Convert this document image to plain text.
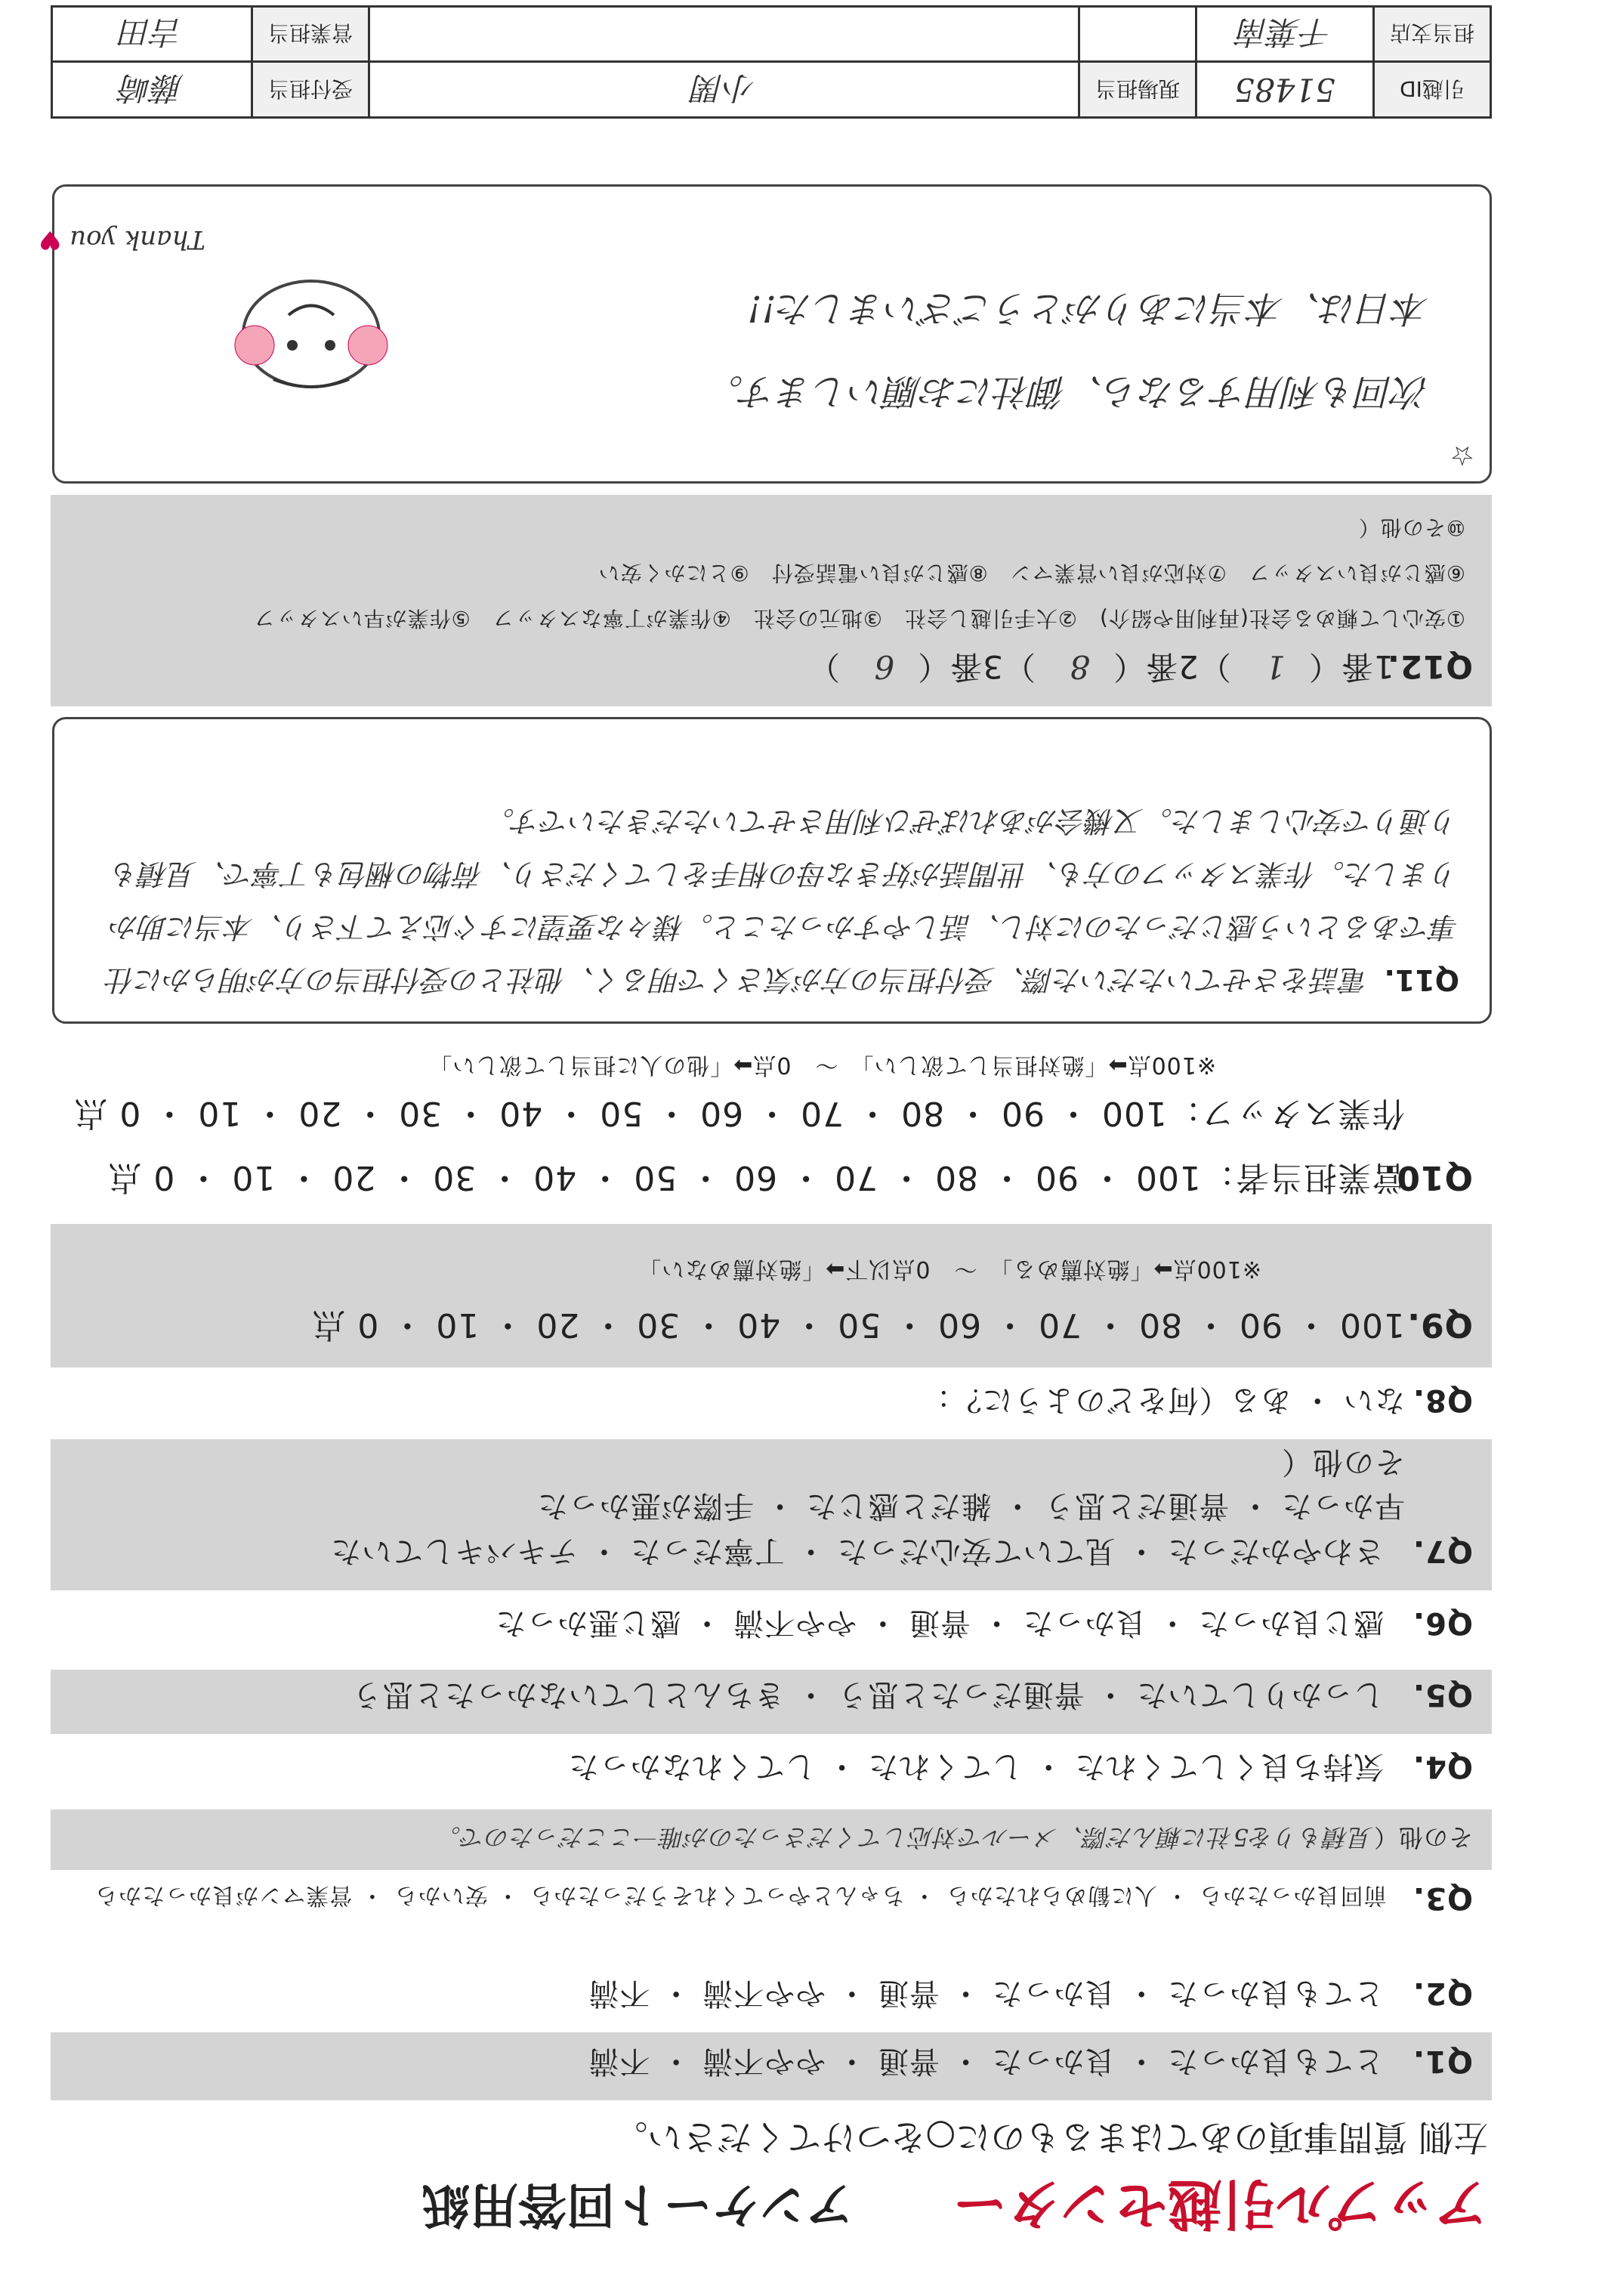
アップル引越センター
アンケート回答用紙
左側 質問事項のあてはまるものに○をつけてください。
Q1. とても良かった・ 良かった・ 普通・ やや不満・ 不満
Q2. とても良かった・ 良かった・ 普通・ やや不満・ 不満
Q3. 前回良かったから・ 人に勧められたから・ ちゃんとやってくれそうだったから・ 安いから・ 営業マンが良かったから
その他（見積もりを5社に頼んだ際、メールで対応してくださったのが唯一ここだったので。
Q4. 気持ち良くしてくれた・ してくれた・ してくれなかった
Q5. しっかりしていた・ 普通だったと思う・ きちんとしていなかったと思う
Q6. 感じ良かった・ 良かった・ 普通・ やや不満・ 感じ悪かった
Q7. さわやかだった・ 見ていて安心だった・ 丁寧だった・ テキパキしていた
早かった・ 普通だと思う・ 雑だと感じた・ 手際が悪かった
その他（
Q8.ない ・ ある（何をどのように？：
Q9.100 ・ 90 ・ 80 ・ 70 ・ 60 ・ 50 ・ 40 ・ 30 ・ 20 ・ 10 ・ 0 点
※100点➡「絶対薦める」　〜　0点以下➡「絶対薦めない」
Q10.営業担当者：100 ・ 90 ・ 80 ・ 70 ・ 60 ・ 50 ・ 40 ・ 30 ・ 20 ・ 10 ・ 0 点
作業スタッフ：100 ・ 90 ・ 80 ・ 70 ・ 60 ・ 50 ・ 40 ・ 30 ・ 20 ・ 10 ・ 0 点
※100点➡「絶対担当して欲しい」　〜　0点➡「他の人に担当して欲しい」
Q11.電話をさせていただいた際、受付担当の方が気さくで明るく、他社との受付担当の方が明らかに仕事であるという感じだったのに対し、話しやすかったこと。様々な要望にすぐ応えて下さり、本当に助かりました。作業スタッフの方も、世間話が好きな母の相手をしてくださり、荷物の梱包も丁寧で、見積もり通りで安心しました。又機会があればぜひ利用させていただきたいです。
Q12. 1番（1 ）2番（8 ）3番（6 ）
①安心して頼める会社(再利用や紹介)　②大手引越し会社　③地元の会社　④作業が丁寧なスタッフ　⑤作業が早いスタッフ
⑥感じが良いスタッフ　⑦対応が良い営業マン　⑧感じが良い電話受付　⑨とにかく安い
⑩その他（
☆
次回も利用するなら、御社にお願いします。
本日は、本当にありがとうございました!!
Thank you ♥
引越ID	51485	現場担当	小関	受付担当	藤崎
担当支店	千葉南			営業担当	吉田
